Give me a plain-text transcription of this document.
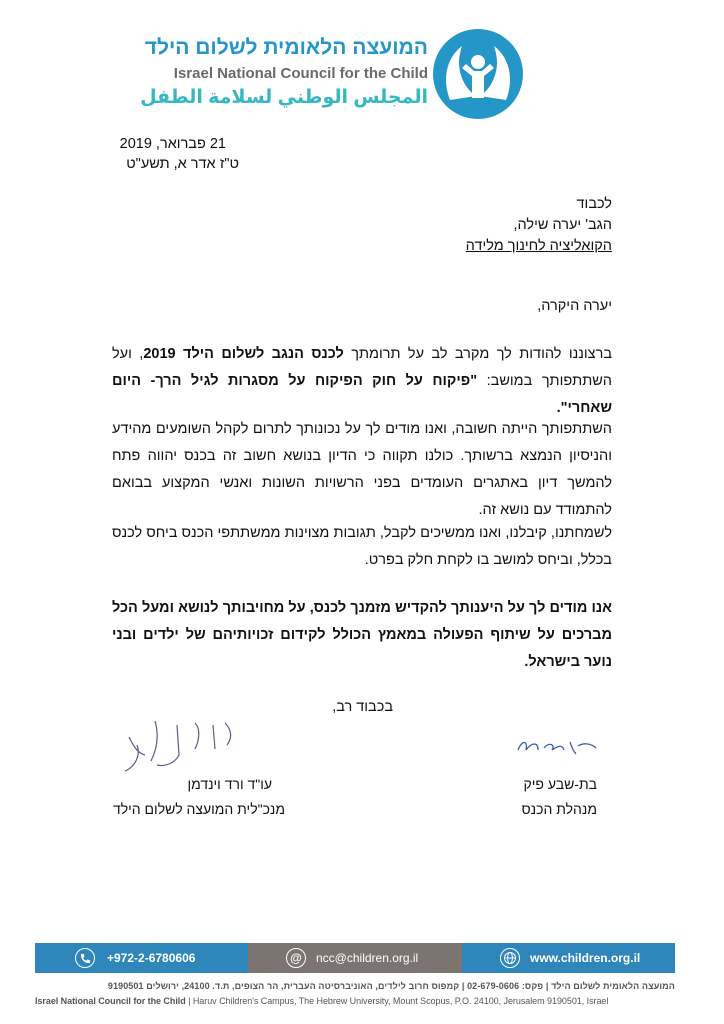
המועצה הלאומית לשלום הילד
Israel National Council for the Child
المجلس الوطني لسلامة الطفل
21 פברואר, 2019
ט"ז אדר א, תשע"ט
לכבוד
הגב' יערה שילה,
הקואליציה לחינוך מלידה
יערה היקרה,

ברצוננו להודות לך מקרב לב על תרומתך לכנס הנגב לשלום הילד 2019, ועל השתתפותך במושב: "פיקוח על חוק הפיקוח על מסגרות לגיל הרך- היום שאחרי".

השתתפותך הייתה חשובה, ואנו מודים לך על נכונותך לתרום לקהל השומעים מהידע והניסיון הנמצא ברשותך. כולנו תקווה כי הדיון בנושא חשוב זה בכנס יהווה פתח להמשך דיון באתגרים העומדים בפני הרשויות השונות ואנשי המקצוע בבואם להתמודד עם נושא זה.

לשמחתנו, קיבלנו, ואנו ממשיכים לקבל, תגובות מצוינות ממשתתפי הכנס ביחס לכנס בכלל, וביחס למושב בו לקחת חלק בפרט.

אנו מודים לך על היענותך להקדיש מזמנך לכנס, על מחויבותך לנושא ומעל הכל מברכים על שיתוף הפעולה במאמץ הכולל לקידום זכויותיהם של ילדים ובני נוער בישראל.

בכבוד רב,
בת-שבע פיק
מנהלת הכנס
עו"ד ורד וינדמן
מנכ"לית המועצה לשלום הילד
+972-2-6780606	@	ncc@children.org.il	www.children.org.il
המועצה הלאומית לשלום הילד | פקס: 02-679-0606 | קמפוס חרוב לילדים, האוניברסיטה העברית, הר הצופים, ת.ד. 24100, ירושלים 9190501
Israel National Council for the Child | Haruv Children's Campus, The Hebrew University, Mount Scopus, P.O. 24100, Jerusalem 9190501, Israel
